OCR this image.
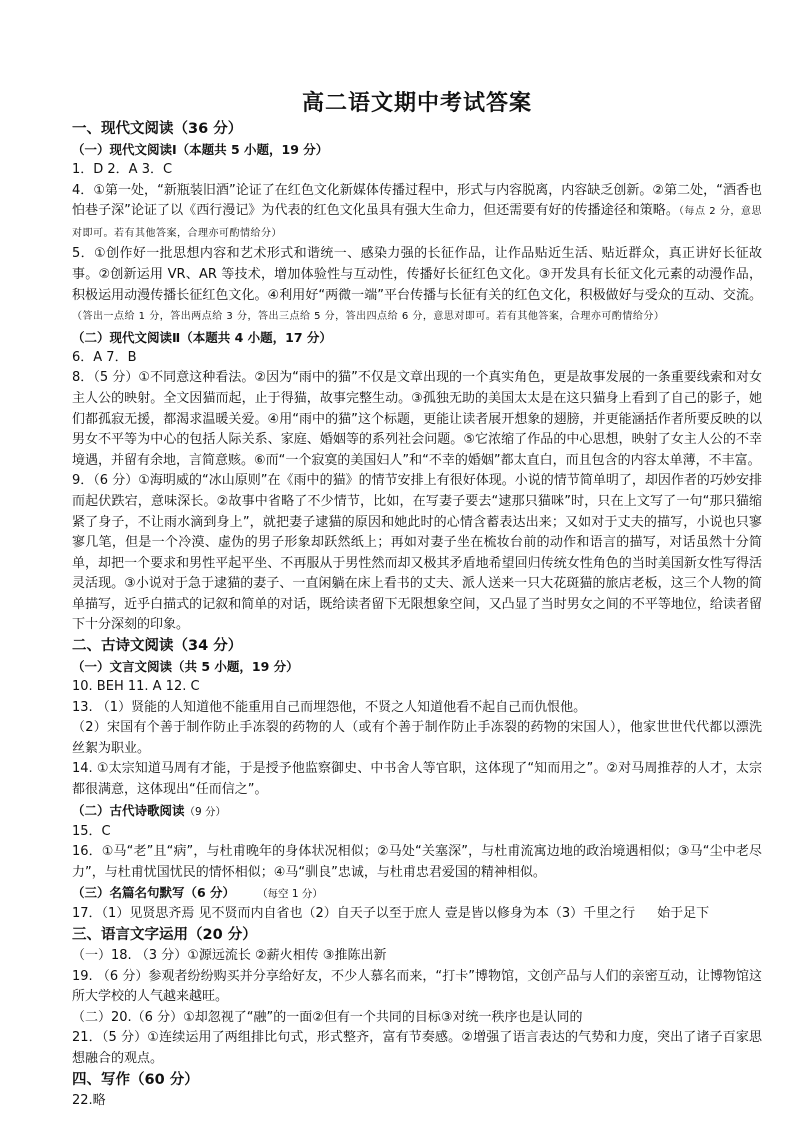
高二语文期中考试答案
一、现代文阅读（36 分）
（一）现代文阅读Ⅰ（本题共 5 小题，19 分）
1．D 2．A 3．C
4．①第一处，“新瓶装旧酒”论证了在红色文化新媒体传播过程中，形式与内容脱离，内容缺乏创新。②第二处，“酒香也怕巷子深”论证了以《西行漫记》为代表的红色文化虽具有强大生命力，但还需要有好的传播途径和策略。（每点 2 分，意思对即可。若有其他答案，合理亦可酌情给分）
5．①创作好一批思想内容和艺术形式和谐统一、感染力强的长征作品，让作品贴近生活、贴近群众，真正讲好长征故事。②创新运用 VR、AR 等技术，增加体验性与互动性，传播好长征红色文化。③开发具有长征文化元素的动漫作品，积极运用动漫传播长征红色文化。④利用好“两微一端”平台传播与长征有关的红色文化，积极做好与受众的互动、交流。（答出一点给 1 分，答出两点给 3 分，答出三点给 5 分，答出四点给 6 分，意思对即可。若有其他答案，合理亦可酌情给分）
（二）现代文阅读Ⅱ（本题共 4 小题，17 分）
6．A 7．B
8．（5 分）①不同意这种看法。②因为“雨中的猫”不仅是文章出现的一个真实角色，更是故事发展的一条重要线索和对女主人公的映射。全文因猫而起，止于得猫，故事完整生动。③孤独无助的美国太太是在这只猫身上看到了自己的影子，她们都孤寂无援，都渴求温暖关爱。④用“雨中的猫”这个标题，更能让读者展开想象的翅膀，并更能涵括作者所要反映的以男女不平等为中心的包括人际关系、家庭、婚姻等的系列社会问题。⑤它浓缩了作品的中心思想，映射了女主人公的不幸境遇，并留有余地，言简意赅。⑥而“一个寂寞的美国妇人”和“不幸的婚姻”都太直白，而且包含的内容太单薄，不丰富。
9．（6 分）①海明威的“冰山原则”在《雨中的猫》的情节安排上有很好体现。小说的情节简单明了，却因作者的巧妙安排而起伏跌宕，意味深长。②故事中省略了不少情节，比如，在写妻子要去“逮那只猫咪”时，只在上文写了一句“那只猫缩紧了身子，不让雨水滴到身上”，就把妻子逮猫的原因和她此时的心情含蓄表达出来；又如对于丈夫的描写，小说也只寥寥几笔，但是一个冷漠、虚伪的男子形象却跃然纸上；再如对妻子坐在梳妆台前的动作和语言的描写，对话虽然十分简单，却把一个要求和男性平起平坐、不再服从于男性然而却又极其矛盾地希望回归传统女性角色的当时美国新女性写得活灵活现。③小说对于急于逮猫的妻子、一直闲躺在床上看书的丈夫、派人送来一只大花斑猫的旅店老板，这三个人物的简单描写，近乎白描式的记叙和简单的对话，既给读者留下无限想象空间，又凸显了当时男女之间的不平等地位，给读者留下十分深刻的印象。
二、古诗文阅读（34 分）
（一）文言文阅读（共 5 小题，19 分）
10. BEH 11. A 12. C
13. （1）贤能的人知道他不能重用自己而埋怨他，不贤之人知道他看不起自己而仇恨他。
（2）宋国有个善于制作防止手冻裂的药物的人（或有个善于制作防止手冻裂的药物的宋国人），他家世世代代都以漂洗丝絮为职业。
14. ①太宗知道马周有才能，于是授予他监察御史、中书舍人等官职，这体现了“知而用之”。②对马周推荐的人才，太宗都很满意，这体现出“任而信之”。
（二）古代诗歌阅读（9 分）
15．C
16．①马“老”且“病”，与杜甫晚年的身体状况相似；②马处“关塞深”，与杜甫流寓边地的政治境遇相似；③马“尘中老尽力”，与杜甫忧国忧民的情怀相似；④马“驯良”忠诚，与杜甫忠君爱国的精神相似。
（三）名篇名句默写（6 分） （每空 1 分）
17．（1）见贤思齐焉 见不贤而内自省也（2）自天子以至于庶人 壹是皆以修身为本（3）千里之行 始于足下
三、语言文字运用（20 分）
（一）18. （3 分）①源远流长 ②薪火相传 ③推陈出新
19. （6 分）参观者纷纷购买并分享给好友，不少人慕名而来，“打卡”博物馆，文创产品与人们的亲密互动，让博物馆这所大学校的人气越来越旺。
（二）20.（6 分）①却忽视了“融”的一面②但有一个共同的目标③对统一秩序也是认同的
21．（5 分）①连续运用了两组排比句式，形式整齐，富有节奏感。②增强了语言表达的气势和力度，突出了诸子百家思想融合的观点。
四、写作（60 分）
22.略
